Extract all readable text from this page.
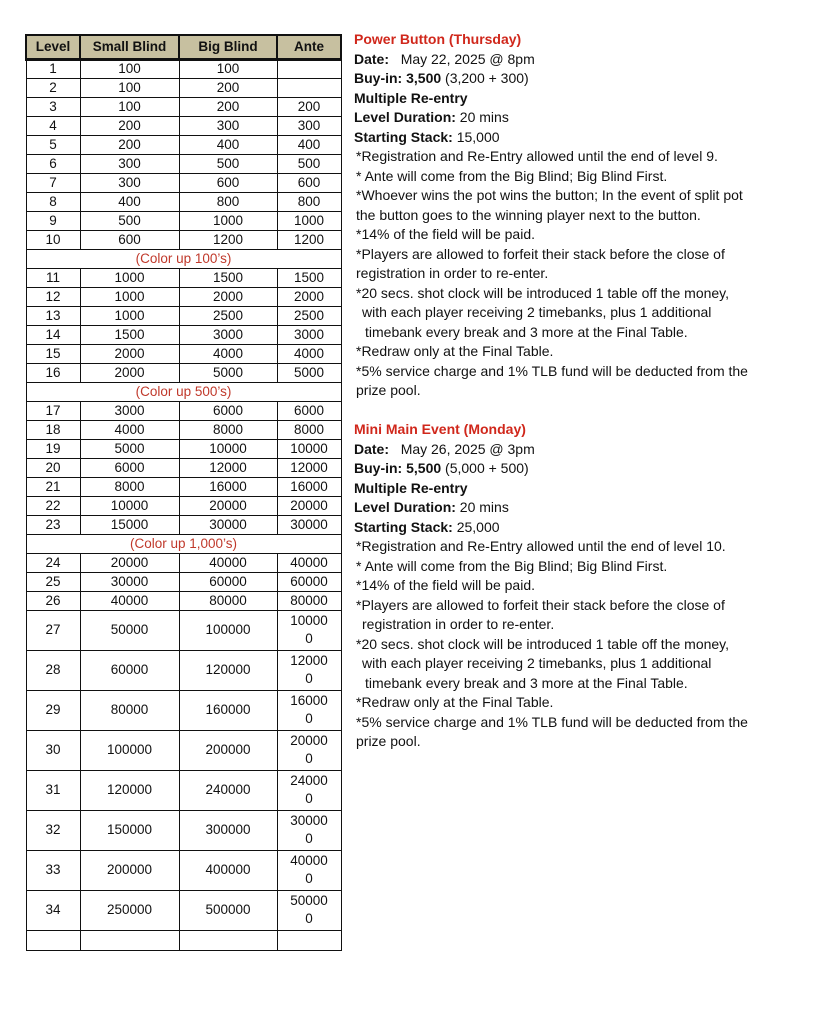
Level	Small Blind	Big Blind	Ante
1	100	100	
2	100	200	
3	100	200	200
4	200	300	300
5	200	400	400
6	300	500	500
7	300	600	600
8	400	800	800
9	500	1000	1000
10	600	1200	1200
(Color up 100’s)			
11	1000	1500	1500
12	1000	2000	2000
13	1000	2500	2500
14	1500	3000	3000
15	2000	4000	4000
16	2000	5000	5000
(Color up 500’s)			
17	3000	6000	6000
18	4000	8000	8000
19	5000	10000	10000
20	6000	12000	12000
21	8000	16000	16000
22	10000	20000	20000
23	15000	30000	30000
(Color up 1,000’s)			
24	20000	40000	40000
25	30000	60000	60000
26	40000	80000	80000
27	50000	100000	10000
0

28	60000	120000	12000
0

29	80000	160000	16000
0

30	100000	200000	20000
0

31	120000	240000	24000
0

32	150000	300000	30000
0

33	200000	400000	40000
0

34	250000	500000	50000
0

Power Button (Thursday)

Date: May 22, 2025 @ 8pm

Buy-in: 3,500 (3,200 + 300)

Multiple Re-entry

Level Duration: 20 mins

Starting Stack: 15,000

*Registration and Re-Entry allowed until the end of level 9.

* Ante will come from the Big Blind; Big Blind First.

*Whoever wins the pot wins the button; In the event of split pot

the button goes to the winning player next to the button.

*14% of the field will be paid.

*Players are allowed to forfeit their stack before the close of

registration in order to re-enter.

*20 secs. shot clock will be introduced 1 table off the money,

with each player receiving 2 timebanks, plus 1 additional

timebank every break and 3 more at the Final Table.

*Redraw only at the Final Table.

*5% service charge and 1% TLB fund will be deducted from the

prize pool.

Mini Main Event (Monday)

Date: May 26, 2025 @ 3pm

Buy-in: 5,500 (5,000 + 500)

Multiple Re-entry

Level Duration: 20 mins

Starting Stack: 25,000

*Registration and Re-Entry allowed until the end of level 10.

* Ante will come from the Big Blind; Big Blind First.

*14% of the field will be paid.

*Players are allowed to forfeit their stack before the close of

registration in order to re-enter.

*20 secs. shot clock will be introduced 1 table off the money,

with each player receiving 2 timebanks, plus 1 additional

timebank every break and 3 more at the Final Table.

*Redraw only at the Final Table.

*5% service charge and 1% TLB fund will be deducted from the

prize pool.
